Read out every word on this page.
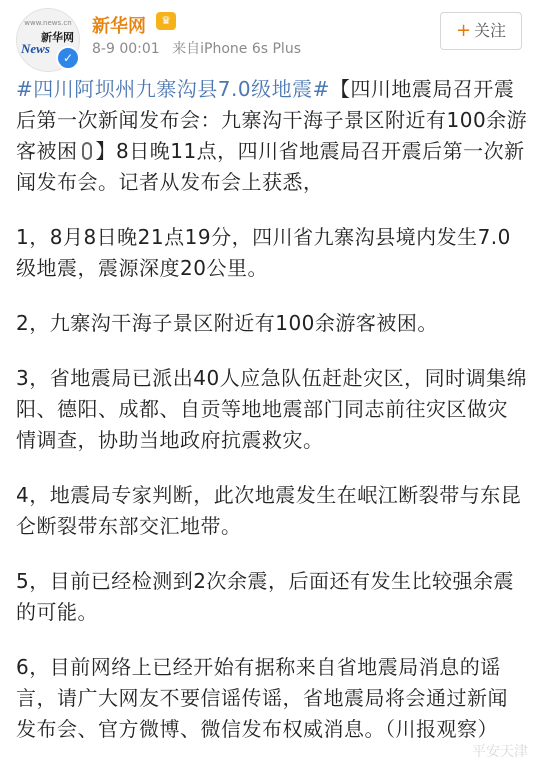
www.news.cn
新华网
News
✓
新华网	♛
8-9 00:01 来自iPhone 6s Plus
+ 关注

#四川阿坝州九寨沟县7.0级地震#【四川地震局召开震后第一次新闻发布会：九寨沟干海子景区附近有100余游客被困 】8日晚11点，四川省地震局召开震后第一次新闻发布会。记者从发布会上获悉，

1，8月8日晚21点19分，四川省九寨沟县境内发生7.0级地震，震源深度20公里。

2，九寨沟干海子景区附近有100余游客被困。

3，省地震局已派出40人应急队伍赶赴灾区，同时调集绵阳、德阳、成都、自贡等地地震部门同志前往灾区做灾情调查，协助当地政府抗震救灾。

4，地震局专家判断，此次地震发生在岷江断裂带与东昆仑断裂带东部交汇地带。

5，目前已经检测到2次余震，后面还有发生比较强余震的可能。

6，目前网络上已经开始有据称来自省地震局消息的谣言，请广大网友不要信谣传谣，省地震局将会通过新闻发布会、官方微博、微信发布权威消息。（川报观察）

平安天津
